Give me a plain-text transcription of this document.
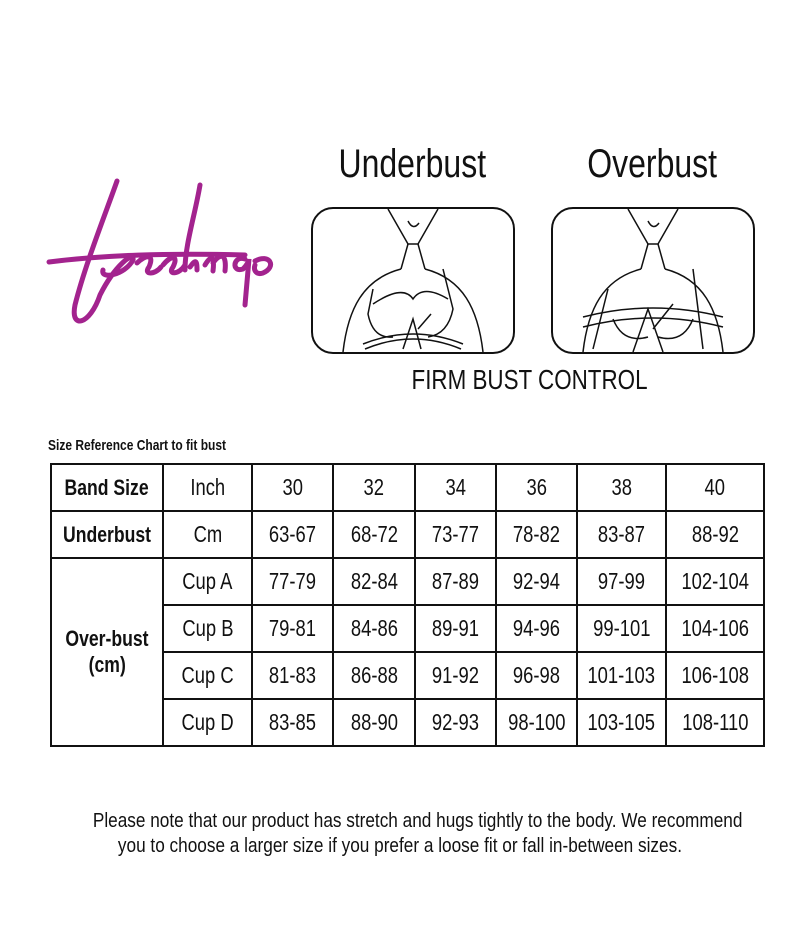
Underbust	Overbust
FIRM BUST CONTROL
Size Reference Chart to fit bust
Band Size	Inch	30	32	34	36	38	40
Underbust	Cm	63-67	68-72	73-77	78-82	83-87	88-92
Over-bust
(cm)	Cup A	77-79	82-84	87-89	92-94	97-99	102-104
	Cup B	79-81	84-86	89-91	94-96	99-101	104-106
	Cup C	81-83	86-88	91-92	96-98	101-103	106-108
	Cup D	83-85	88-90	92-93	98-100	103-105	108-110
Please note that our product has stretch and hugs tightly to the body. We recommend
you to choose a larger size if you prefer a loose fit or fall in-between sizes.
